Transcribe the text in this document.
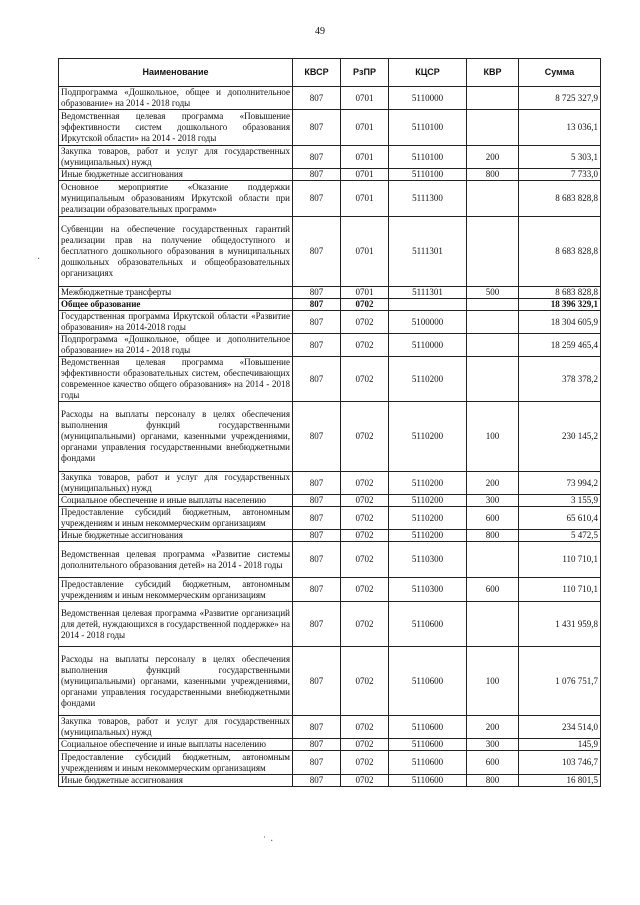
49
·
˙ ·
Наименование	КВСР	РзПР	КЦСР	КВР	Сумма
Подпрограмма «Дошкольное, общее и дополнительное образование» на 2014 - 2018 годы	807	0701	5110000		8 725 327,9
Ведомственная целевая программа «Повышение эффективности систем дошкольного образования Иркутской области» на 2014 - 2018 годы	807	0701	5110100		13 036,1
Закупка товаров, работ и услуг для государственных (муниципальных) нужд	807	0701	5110100	200	5 303,1
Иные бюджетные ассигнования	807	0701	5110100	800	7 733,0
Основное мероприятие «Оказание поддержки муниципальным образованиям Иркутской области при реализации образовательных программ»	807	0701	5111300		8 683 828,8
Субвенции на обеспечение государственных гарантий реализации прав на получение общедоступного и бесплатного дошкольного образования в муниципальных дошкольных образовательных и общеобразовательных организациях	807	0701	5111301		8 683 828,8
Межбюджетные трансферты	807	0701	5111301	500	8 683 828,8
Общее образование	807	0702			18 396 329,1
Государственная программа Иркутской области «Развитие образования» на 2014-2018 годы	807	0702	5100000		18 304 605,9
Подпрограмма «Дошкольное, общее и дополнительное образование» на 2014 - 2018 годы	807	0702	5110000		18 259 465,4
Ведомственная целевая программа «Повышение эффективности образовательных систем, обеспечивающих современное качество общего образования» на 2014 - 2018 годы	807	0702	5110200		378 378,2
Расходы на выплаты персоналу в целях обеспечения выполнения функций государственными (муниципальными) органами, казенными учреждениями, органами управления государственными внебюджетными фондами	807	0702	5110200	100	230 145,2
Закупка товаров, работ и услуг для государственных (муниципальных) нужд	807	0702	5110200	200	73 994,2
Социальное обеспечение и иные выплаты населению	807	0702	5110200	300	3 155,9
Предоставление субсидий бюджетным, автономным учреждениям и иным некоммерческим организациям	807	0702	5110200	600	65 610,4
Иные бюджетные ассигнования	807	0702	5110200	800	5 472,5
Ведомственная целевая программа «Развитие системы дополнительного образования детей» на 2014 - 2018 годы	807	0702	5110300		110 710,1
Предоставление субсидий бюджетным, автономным учреждениям и иным некоммерческим организациям	807	0702	5110300	600	110 710,1
Ведомственная целевая программа «Развитие организаций для детей, нуждающихся в государственной поддержке» на 2014 - 2018 годы	807	0702	5110600		1 431 959,8
Расходы на выплаты персоналу в целях обеспечения выполнения функций государственными (муниципальными) органами, казенными учреждениями, органами управления государственными внебюджетными фондами	807	0702	5110600	100	1 076 751,7
Закупка товаров, работ и услуг для государственных (муниципальных) нужд	807	0702	5110600	200	234 514,0
Социальное обеспечение и иные выплаты населению	807	0702	5110600	300	145,9
Предоставление субсидий бюджетным, автономным учреждениям и иным некоммерческим организациям	807	0702	5110600	600	103 746,7
Иные бюджетные ассигнования	807	0702	5110600	800	16 801,5
